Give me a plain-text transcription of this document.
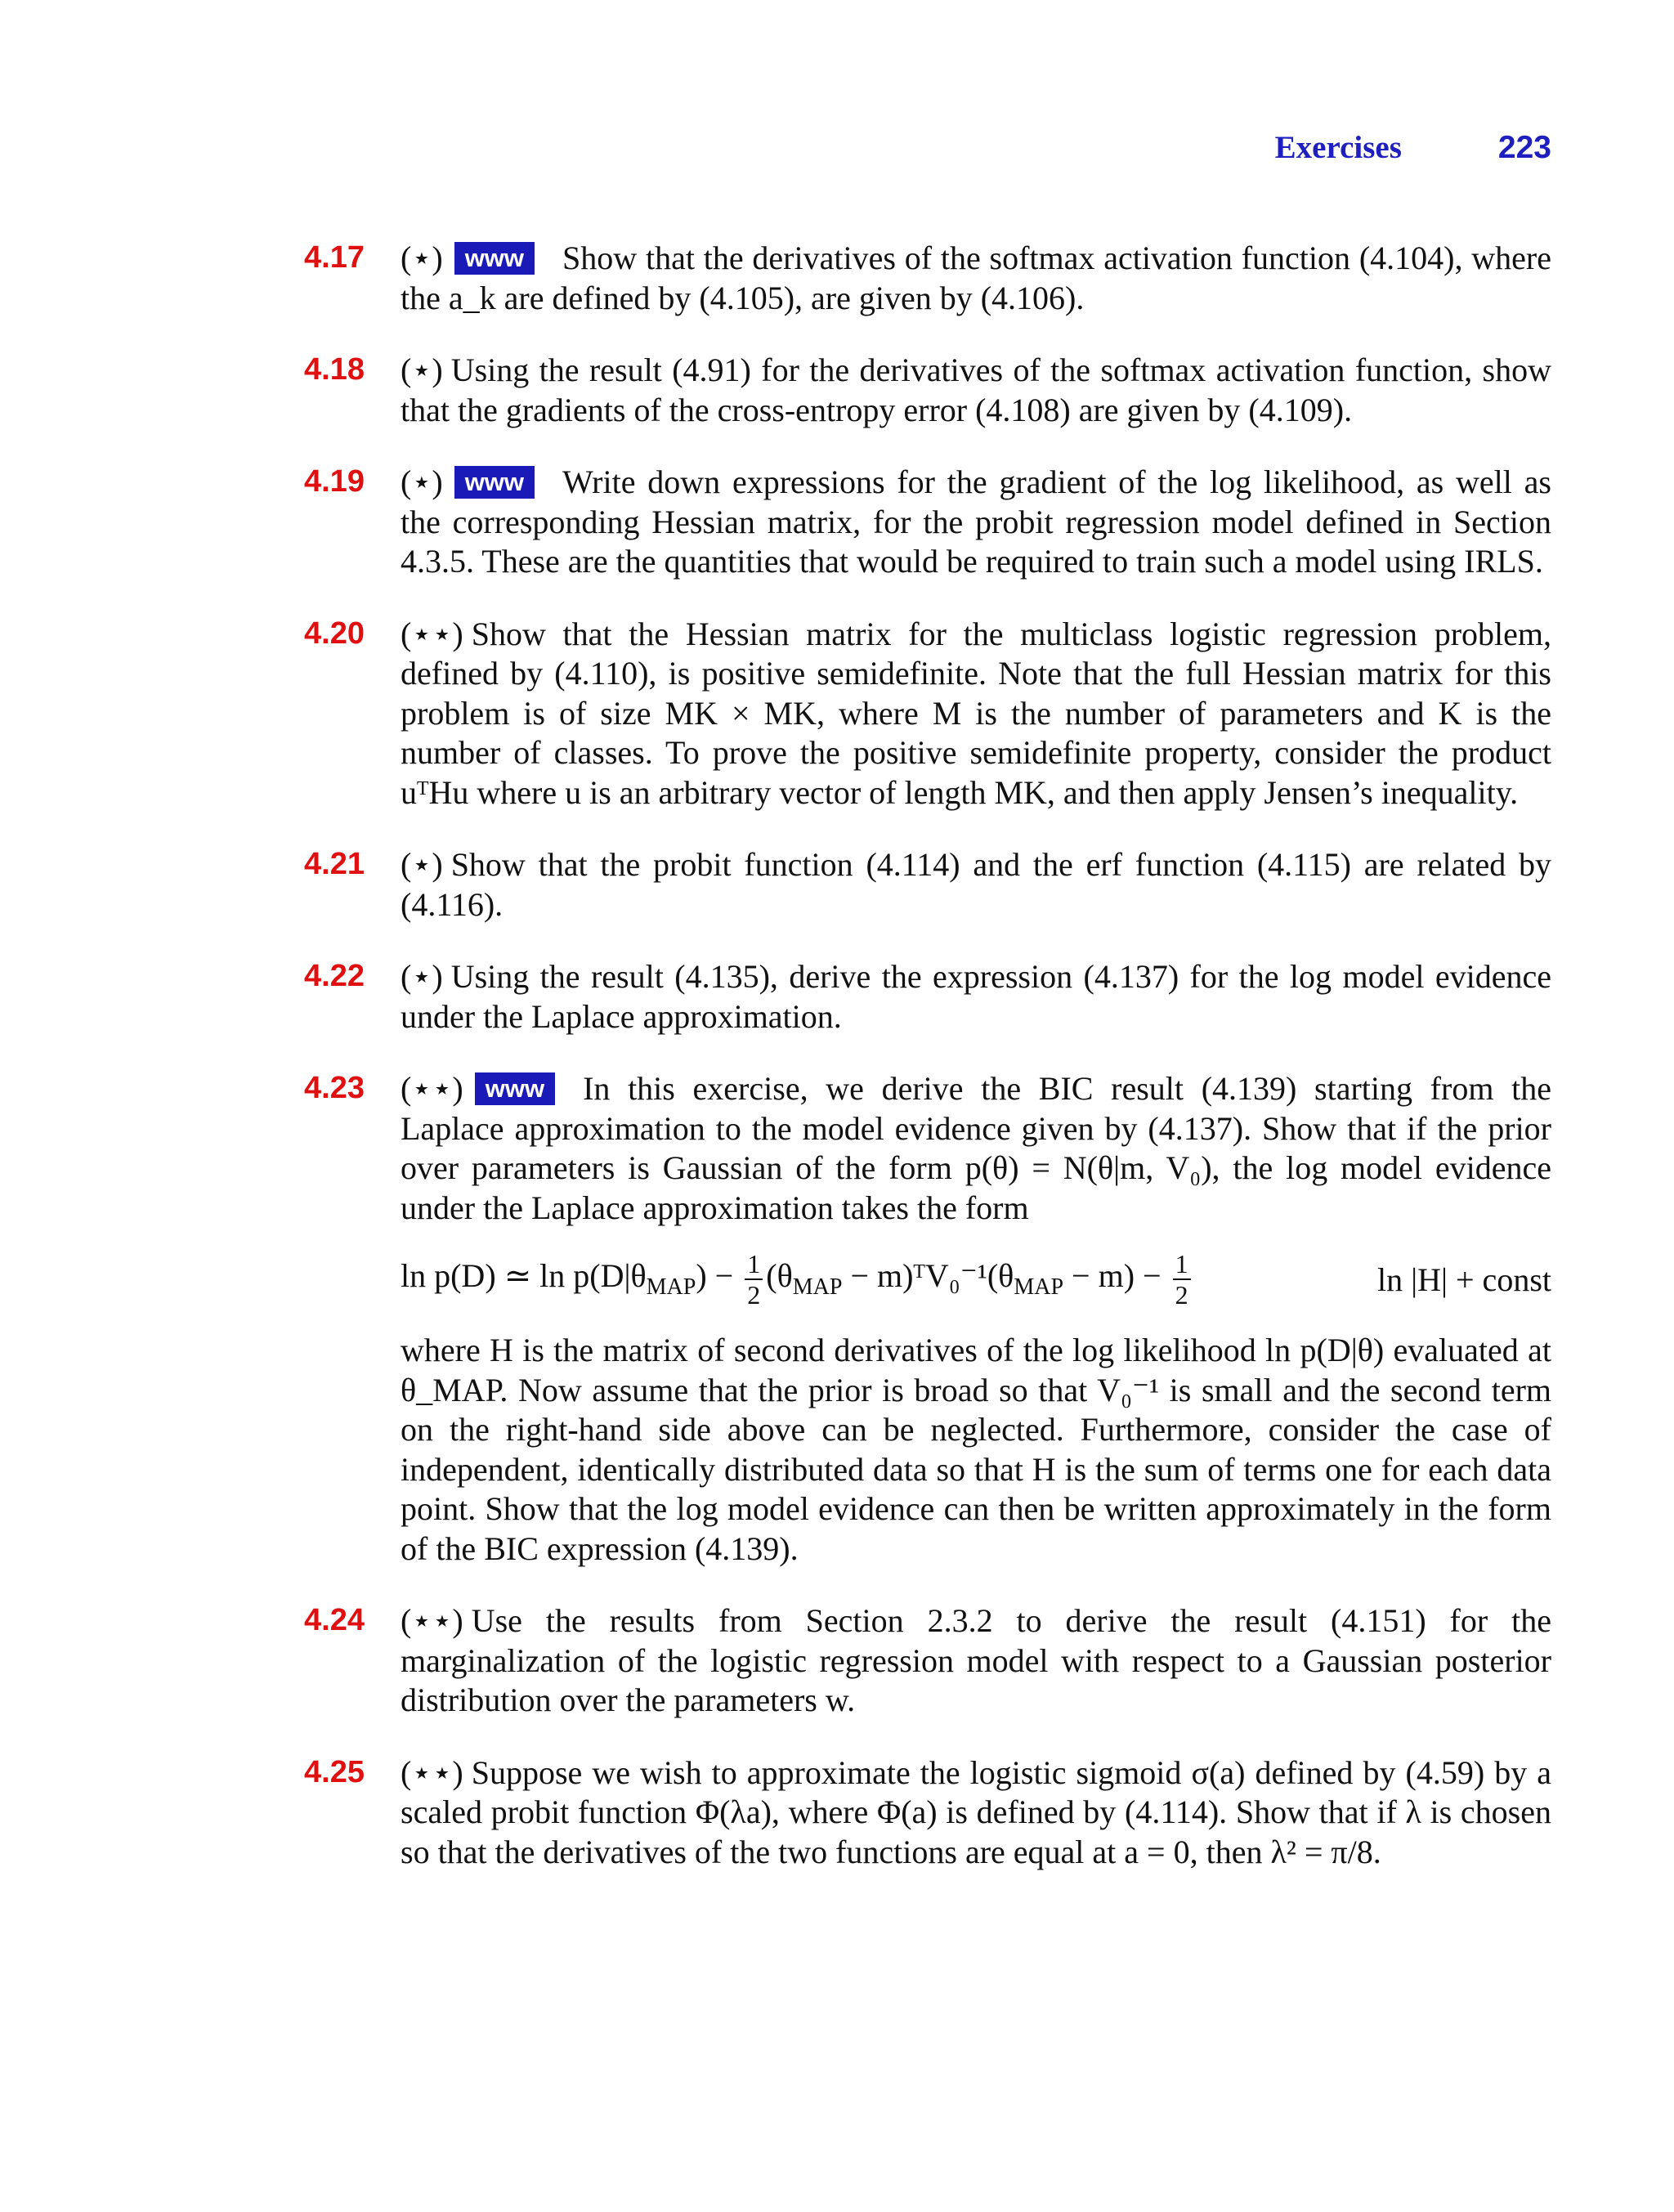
Exercises	223
4.17 (⋆) www Show that the derivatives of the softmax activation function (4.104), where the a_k are defined by (4.105), are given by (4.106).
4.18 (⋆) Using the result (4.91) for the derivatives of the softmax activation function, show that the gradients of the cross-entropy error (4.108) are given by (4.109).
4.19 (⋆) www Write down expressions for the gradient of the log likelihood, as well as the corresponding Hessian matrix, for the probit regression model defined in Section 4.3.5. These are the quantities that would be required to train such a model using IRLS.
4.20 (⋆⋆) Show that the Hessian matrix for the multiclass logistic regression problem, defined by (4.110), is positive semidefinite. Note that the full Hessian matrix for this problem is of size MK × MK, where M is the number of parameters and K is the number of classes. To prove the positive semidefinite property, consider the product uᵀHu where u is an arbitrary vector of length MK, and then apply Jensen’s inequality.
4.21 (⋆) Show that the probit function (4.114) and the erf function (4.115) are related by (4.116).
4.22 (⋆) Using the result (4.135), derive the expression (4.137) for the log model evidence under the Laplace approximation.
4.23 (⋆⋆) www In this exercise, we derive the BIC result (4.139) starting from the Laplace approximation to the model evidence given by (4.137). Show that if the prior over parameters is Gaussian of the form p(θ) = N(θ|m, V₀), the log model evidence under the Laplace approximation takes the form
ln p(D) ≃ $\ln p(D|\theta_{MAP}) - \frac{1}{2} (\theta_{MAP}$ − $m)ᵀV_0^{-1}(\theta_{MAP} - m) - \frac{1}{2}$	ln |H| + const
where H is the matrix of second derivatives of the log likelihood ln p(D|θ) evaluated at θ_MAP. Now assume that the prior is broad so that V₀⁻¹ is small and the second term on the right-hand side above can be neglected. Furthermore, consider the case of independent, identically distributed data so that H is the sum of terms one for each data point. Show that the log model evidence can then be written approximately in the form of the BIC expression (4.139).
4.24 (⋆⋆) Use the results from Section 2.3.2 to derive the result (4.151) for the marginalization of the logistic regression model with respect to a Gaussian posterior distribution over the parameters w.
4.25 (⋆⋆) Suppose we wish to approximate the logistic sigmoid σ(a) defined by (4.59) by a scaled probit function Φ(λa), where Φ(a) is defined by (4.114). Show that if λ is chosen so that the derivatives of the two functions are equal at a = 0, then λ² = π/8.
